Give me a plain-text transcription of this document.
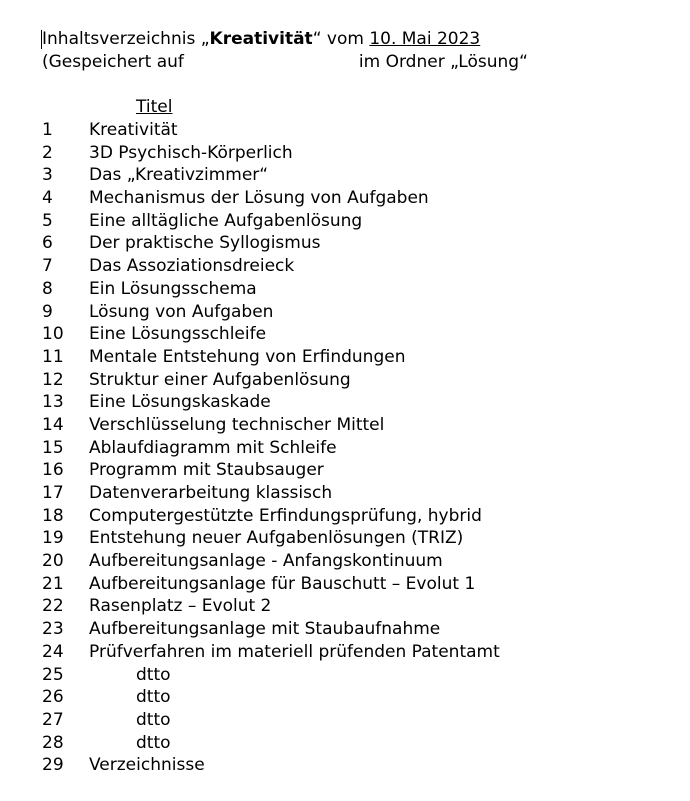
Inhaltsverzeichnis „Kreativität“ vom 10. Mai 2023
(Gespeichert auf	im Ordner „Lösung“
Titel
1 Kreativität
2 3D Psychisch-Körperlich
3 Das „Kreativzimmer“
4 Mechanismus der Lösung von Aufgaben
5 Eine alltägliche Aufgabenlösung
6 Der praktische Syllogismus
7 Das Assoziationsdreieck
8 Ein Lösungsschema
9 Lösung von Aufgaben
10 Eine Lösungsschleife
11 Mentale Entstehung von Erfindungen
12 Struktur einer Aufgabenlösung
13 Eine Lösungskaskade
14 Verschlüsselung technischer Mittel
15 Ablaufdiagramm mit Schleife
16 Programm mit Staubsauger
17 Datenverarbeitung klassisch
18 Computergestützte Erfindungsprüfung, hybrid
19 Entstehung neuer Aufgabenlösungen (TRIZ)
20 Aufbereitungsanlage - Anfangskontinuum
21 Aufbereitungsanlage für Bauschutt – Evolut 1
22 Rasenplatz – Evolut 2
23 Aufbereitungsanlage mit Staubaufnahme
24 Prüfverfahren im materiell prüfenden Patentamt
25	dtto
26	dtto
27	dtto
28	dtto
29 Verzeichnisse
